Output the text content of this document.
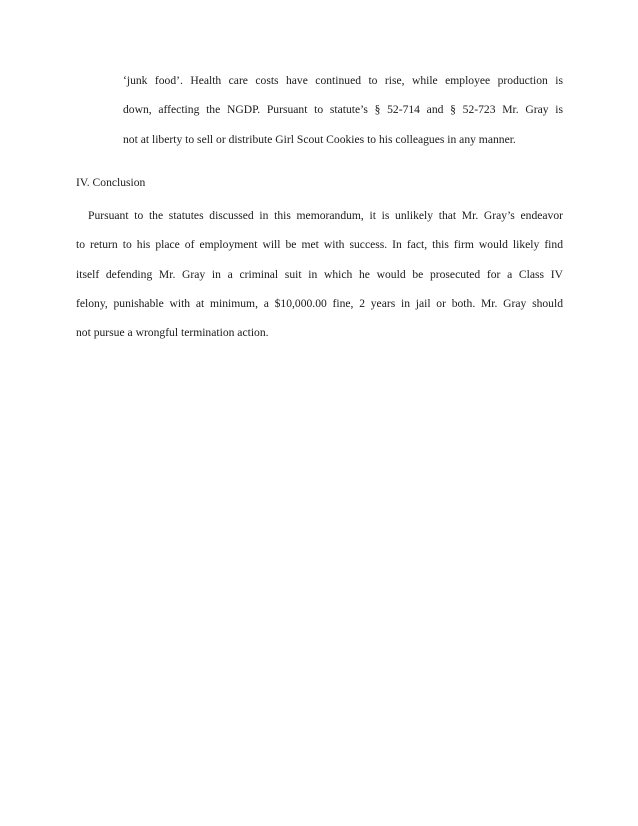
‘junk food’. Health care costs have continued to rise, while employee production is
down, affecting the NGDP. Pursuant to statute’s § 52-714 and § 52-723 Mr. Gray is
not at liberty to sell or distribute Girl Scout Cookies to his colleagues in any manner.
IV. Conclusion
Pursuant to the statutes discussed in this memorandum, it is unlikely that Mr. Gray’s endeavor
to return to his place of employment will be met with success. In fact, this firm would likely find
itself defending Mr. Gray in a criminal suit in which he would be prosecuted for a Class IV
felony, punishable with at minimum, a $10,000.00 fine, 2 years in jail or both. Mr. Gray should
not pursue a wrongful termination action.
